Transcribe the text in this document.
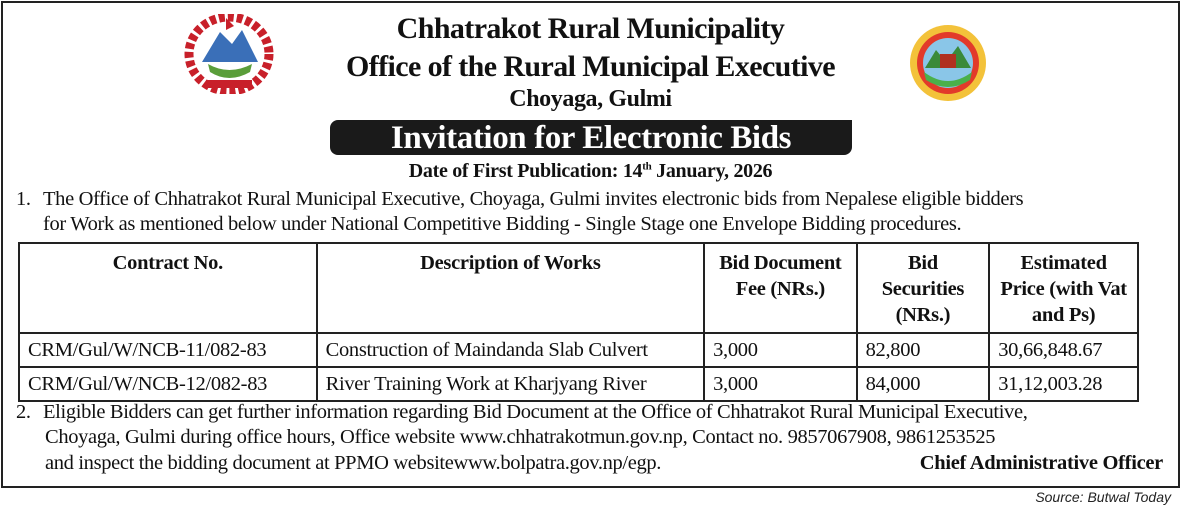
Chhatrakot Rural Municipality
Office of the Rural Municipal Executive
Choyaga, Gulmi
Invitation for Electronic Bids
Date of First Publication: 14th January, 2026
1. The Office of Chhatrakot Rural Municipal Executive, Choyaga, Gulmi invites electronic bids from Nepalese eligible bidders
for Work as mentioned below under National Competitive Bidding - Single Stage one Envelope Bidding procedures.
Contract No.	Description of Works	Bid Document Fee (NRs.)	Bid Securities (NRs.)	Estimated Price (with Vat and Ps)
CRM/Gul/W/NCB-11/082-83	Construction of Maindanda Slab Culvert	3,000	82,800	30,66,848.67
CRM/Gul/W/NCB-12/082-83	River Training Work at Kharjyang River	3,000	84,000	31,12,003.28
2. Eligible Bidders can get further information regarding Bid Document at the Office of Chhatrakot Rural Municipal Executive,
Choyaga, Gulmi during office hours, Office website www.chhatrakotmun.gov.np, Contact no. 9857067908, 9861253525
and inspect the bidding document at PPMO websitewww.bolpatra.gov.np/egp.	Chief Administrative Officer
Source: Butwal Today
